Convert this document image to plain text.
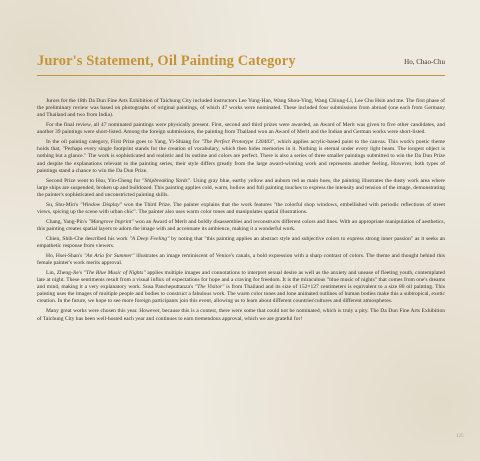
Juror's Statement, Oil Painting Category	Ho, Chao-Chu

Jurors for the 18th Da Dun Fine Arts Exhibition of Taichung City included instructors Lee Yung-Han, Wang Shou-Ying, Wang Chiung-Li, Lee Chu Hsin and me. The first phase of the preliminary review was based on photographs of original paintings, of which 47 works were nominated. These included four submissions from abroad (one each from Germany and Thailand and two from India).

For the final review, all 47 nominated paintings were physically present. First, second and third prizes were awarded, an Award of Merit was given to five other candidates, and another 39 paintings were short-listed. Among the foreign submissions, the painting from Thailand won an Award of Merit and the Indian and German works were short-listed.

In the oil painting category, First Prize goes to Yang, Yi-Shiang for "The Perfect Prototype 130403", which applies acrylic-based paint to the canvas. This work's poetic theme holds that, "Perhaps every single footprint stands for the creation of vocabulary, which then hides memories in it. Nothing is eternal under every light beam. The longest object is nothing but a glance." The work is sophisticated and realistic and its outline and colors are perfect. There is also a series of three smaller paintings submitted to win the Da Dun Prize and despite the explanations relevant to the painting series, their style differs greatly from the large award-winning work and represents another feeling. However, both types of paintings stand a chance to win the Da Dun Prize.

Second Prize went to Hsu, Yin-Cheng for "Shipbreaking Yards". Using gray blue, earthy yellow and auburn red as main hues, the painting illustrates the dusty work area where large ships are suspended, broken up and bulldozed. This painting applies cold, warm, hollow and full painting touches to express the intensity and tension of the image, demonstrating the painter's sophisticated and unconstricted painting skills.

Su, Shu-Min's "Window Display" won the Third Prize. The painter explains that the work features "the colorful shop windows, embellished with periodic reflections of street views, spicing up the scene with urban chic". The painter also uses warm color tones and manipulates spatial illustrations.

Chang, Yang-Pin's "Mangrove Imprint" won an Award of Merit and boldly disassembles and reconstructs different colors and lines. With an appropriate manipulation of aesthetics, this painting creates spatial layers to adorn the image with and accentuate its ambience, making it a wonderful work.

Chien, Shih-Che described his work "A Deep Feeling" by noting that "this painting applies an abstract style and subjective colors to express strong inner passion" as it seeks an empathetic response from viewers.

Ho, Hsei-Shan's "An Aria for Summer" illustrates an image reminiscent of Venice's canals, a bold expression with a sharp contrast of colors. The theme and thought behind this female painter's work merits approval.

Lin, Zheng-Jie's "The Blue Music of Nights" applies multiple images and connotations to interpret sexual desire as well as the anxiety and unease of fleeting youth, contemplated late at night. These sentiments result from a visual influx of expectations for hope and a craving for freedom. It is the miraculous "blue music of nights" that comes from one's dreams and mind, making it a very explanatory work. Susa Pancheputtanza's "The Visitor" is from Thailand and its size of 152×127 centimeters is equivalent to a size 80 oil painting. This painting uses the images of multiple people and bodies to construct a fabulous work. The warm color tones and lone animated outlines of human bodies make this a subtropical, exotic creation. In the future, we hope to see more foreign participants join this event, allowing us to learn about different countries'cultures and different atmospheres.

Many great works were chosen this year. However, because this is a contest, there were some that could not be nominated, which is truly a pity. The Da Dun Fine Arts Exhibition of Taichung City has been well-hosted each year and continues to earn tremendous approval, which we are grateful for!

125
